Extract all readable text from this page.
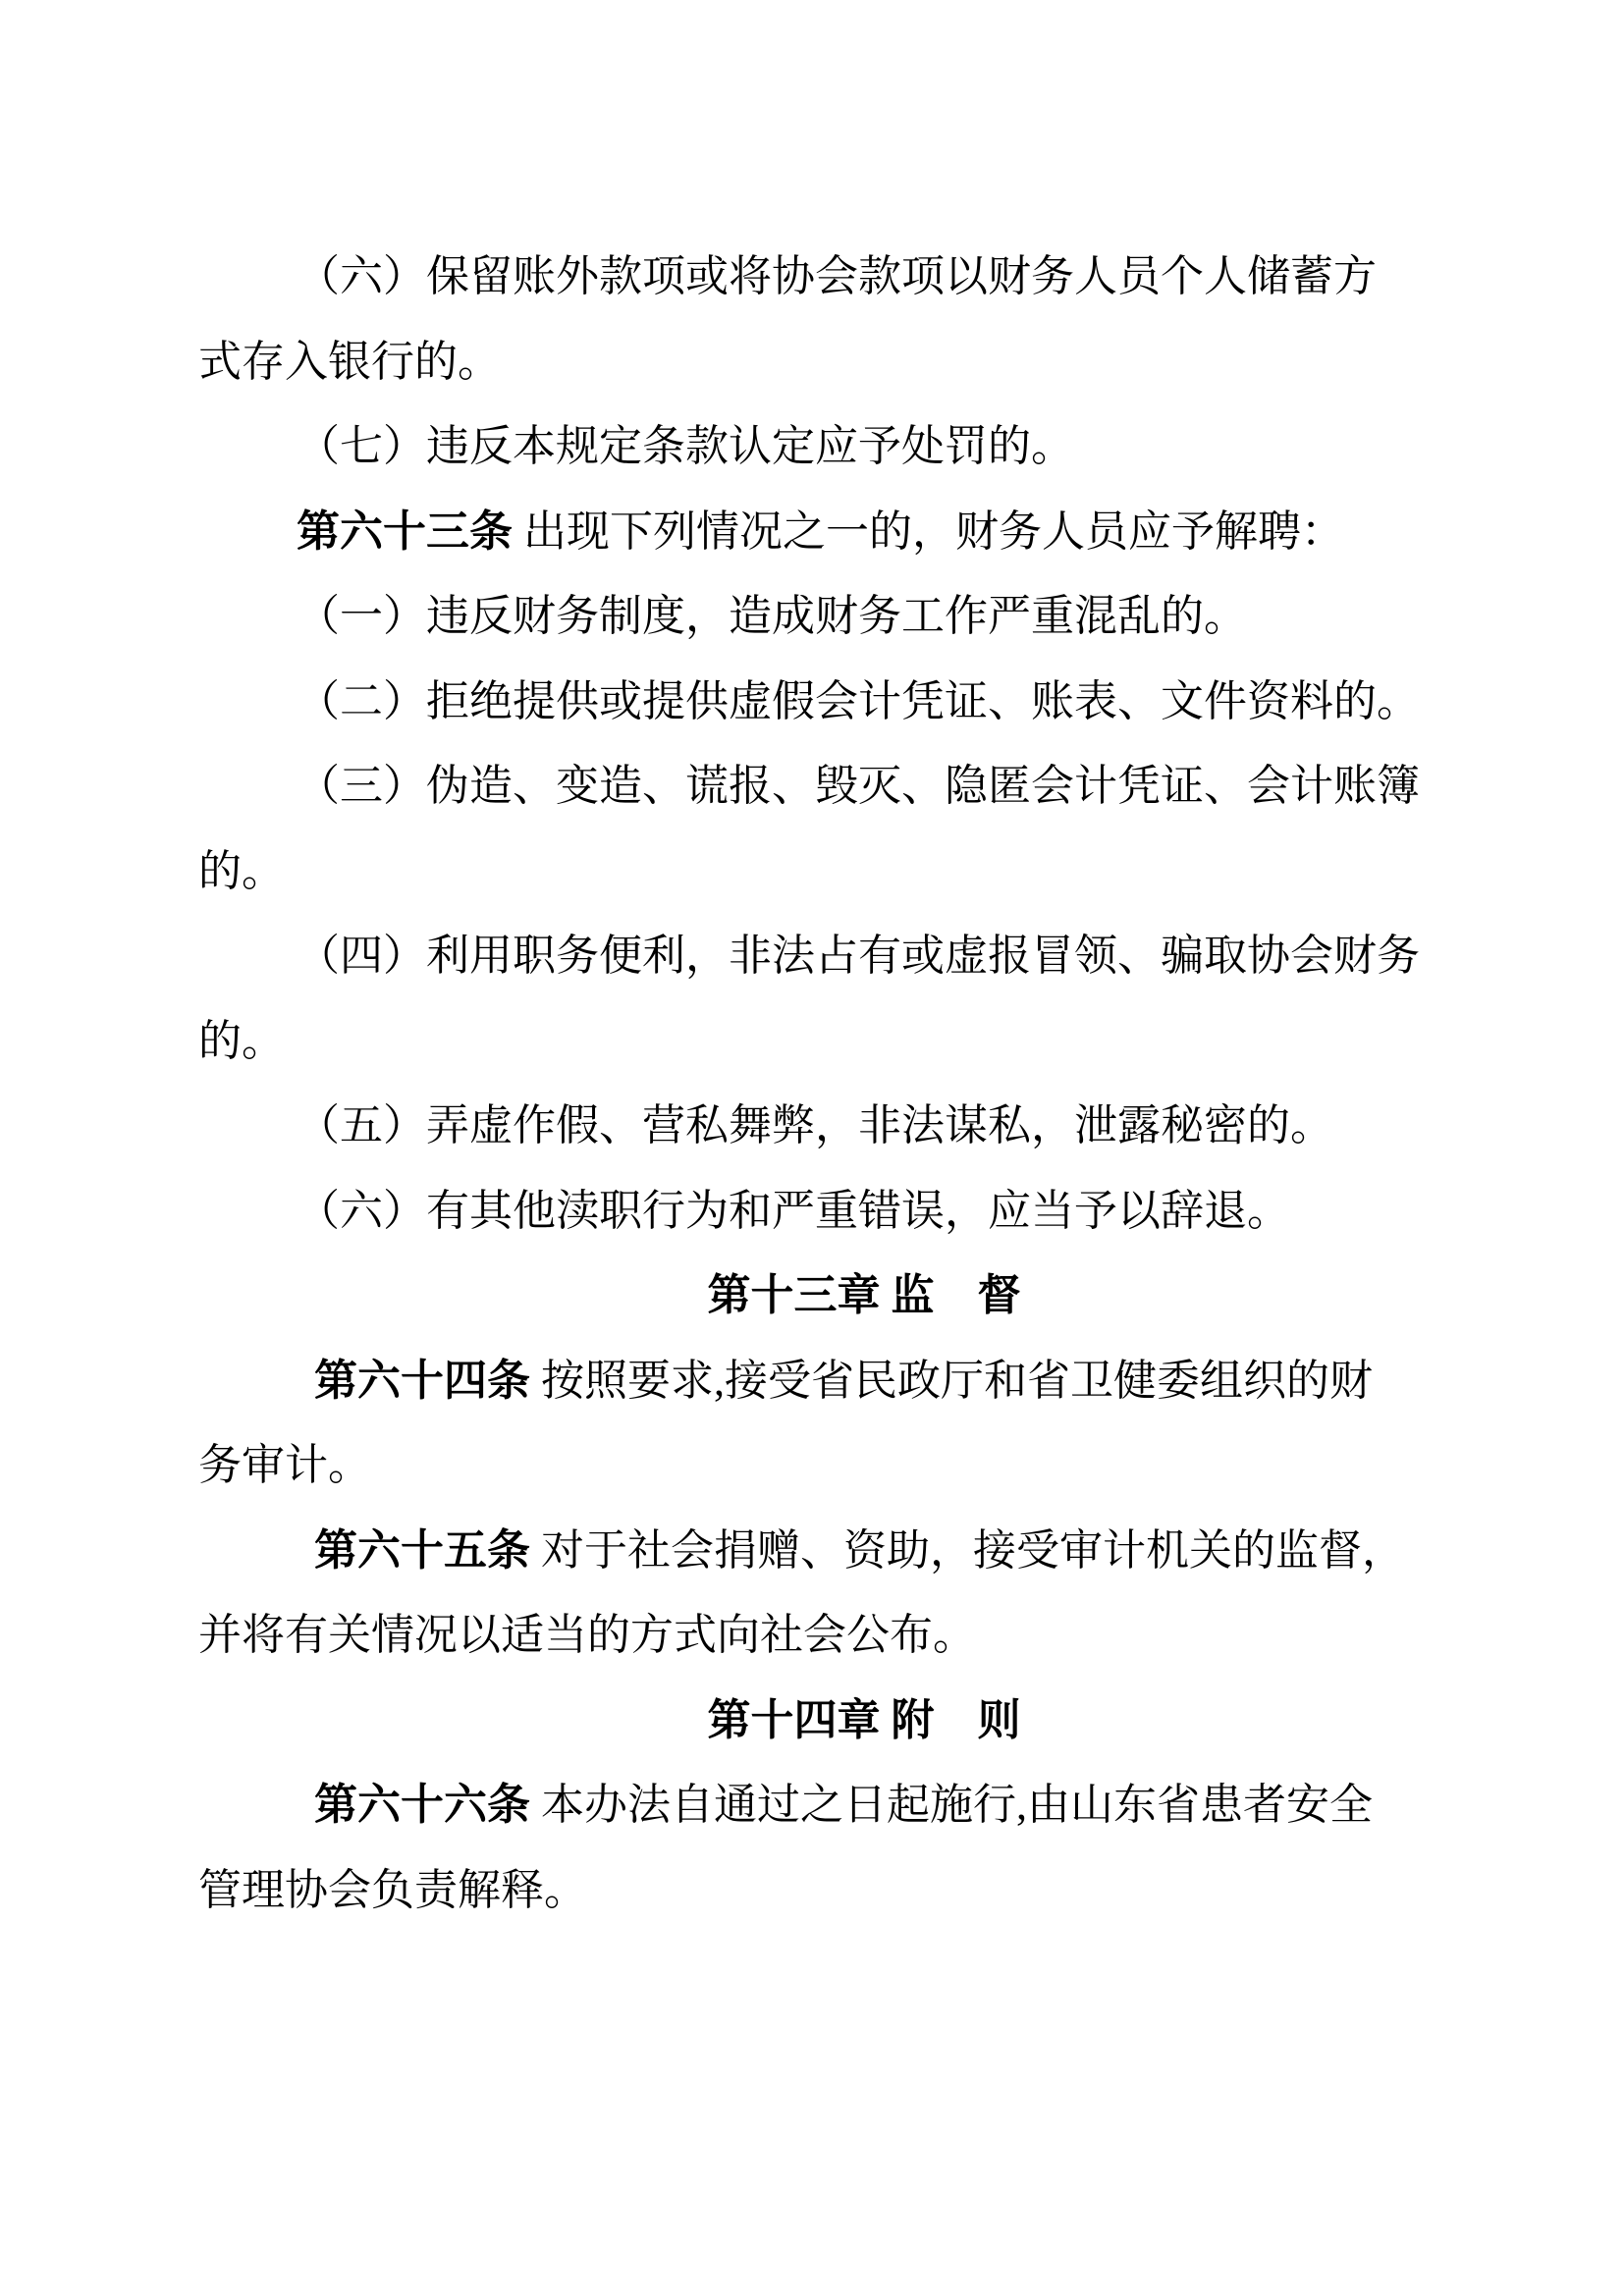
（六）保留账外款项或将协会款项以财务人员个人储蓄方
式存入银行的。
（七）违反本规定条款认定应予处罚的。
第六十三条 出现下列情况之一的，财务人员应予解聘：
（一）违反财务制度，造成财务工作严重混乱的。
（二）拒绝提供或提供虚假会计凭证、账表、文件资料的。
（三）伪造、变造、谎报、毁灭、隐匿会计凭证、会计账簿
的。
（四）利用职务便利，非法占有或虚报冒领、骗取协会财务
的。
（五）弄虚作假、营私舞弊，非法谋私，泄露秘密的。
（六）有其他渎职行为和严重错误，应当予以辞退。
第十三章 监　督
第六十四条 按照要求,接受省民政厅和省卫健委组织的财
务审计。
第六十五条 对于社会捐赠、资助，接受审计机关的监督，
并将有关情况以适当的方式向社会公布。
第十四章 附　则
第六十六条 本办法自通过之日起施行,由山东省患者安全
管理协会负责解释。
